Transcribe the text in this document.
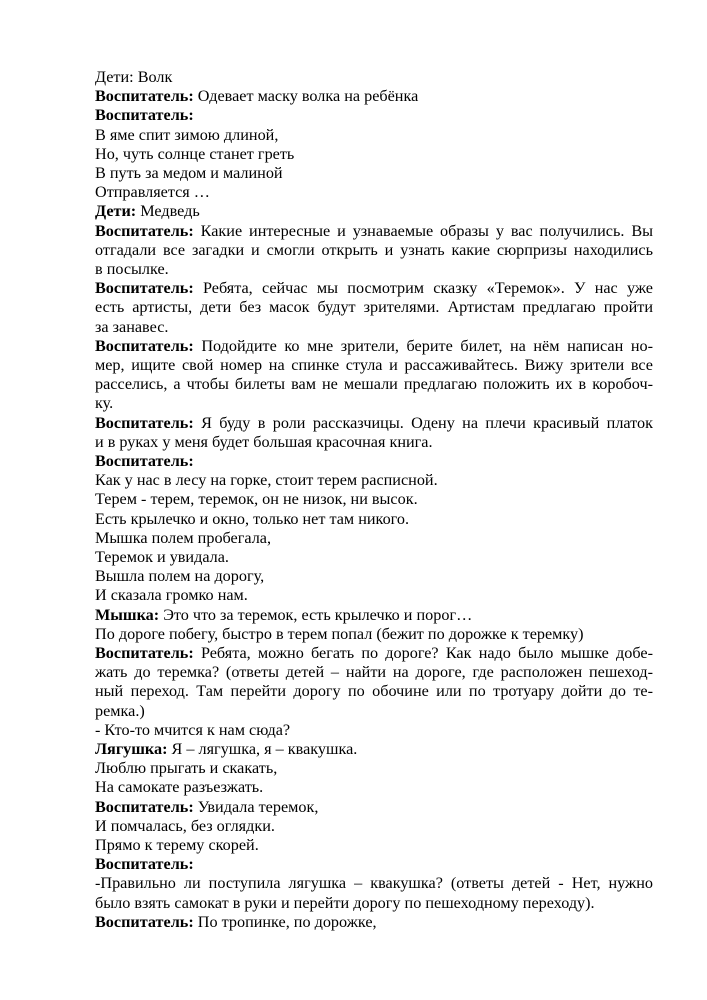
Дети: Волк
Воспитатель: Одевает маску волка на ребёнка
Воспитатель:
В яме спит зимою длиной,
Но, чуть солнце станет греть
В путь за медом и малиной
Отправляется …
Дети: Медведь
Воспитатель: Какие интересные и узнаваемые образы у вас получились. Вы
отгадали все загадки и смогли открыть и узнать какие сюрпризы находились
в посылке.
Воспитатель: Ребята, сейчас мы посмотрим сказку «Теремок». У нас уже
есть артисты, дети без масок будут зрителями. Артистам предлагаю пройти
за занавес.
Воспитатель: Подойдите ко мне зрители, берите билет, на нём написан но-
мер, ищите свой номер на спинке стула и рассаживайтесь. Вижу зрители все
расселись, а чтобы билеты вам не мешали предлагаю положить их в коробоч-
ку.
Воспитатель: Я буду в роли рассказчицы. Одену на плечи красивый платок
и в руках у меня будет большая красочная книга.
Воспитатель:
Как у нас в лесу на горке, стоит терем расписной.
Терем - терем, теремок, он не низок, ни высок.
Есть крылечко и окно, только нет там никого.
Мышка полем пробегала,
Теремок и увидала.
Вышла полем на дорогу,
И сказала громко нам.
Мышка: Это что за теремок, есть крылечко и порог…
По дороге побегу, быстро в терем попал (бежит по дорожке к теремку)
Воспитатель: Ребята, можно бегать по дороге? Как надо было мышке добе-
жать до теремка? (ответы детей – найти на дороге, где расположен пешеход-
ный переход. Там перейти дорогу по обочине или по тротуару дойти до те-
ремка.)
- Кто-то мчится к нам сюда?
Лягушка: Я – лягушка, я – квакушка.
Люблю прыгать и скакать,
На самокате разъезжать.
Воспитатель: Увидала теремок,
И помчалась, без оглядки.
Прямо к терему скорей.
Воспитатель:
-Правильно ли поступила лягушка – квакушка? (ответы детей - Нет, нужно
было взять самокат в руки и перейти дорогу по пешеходному переходу).
Воспитатель: По тропинке, по дорожке,
